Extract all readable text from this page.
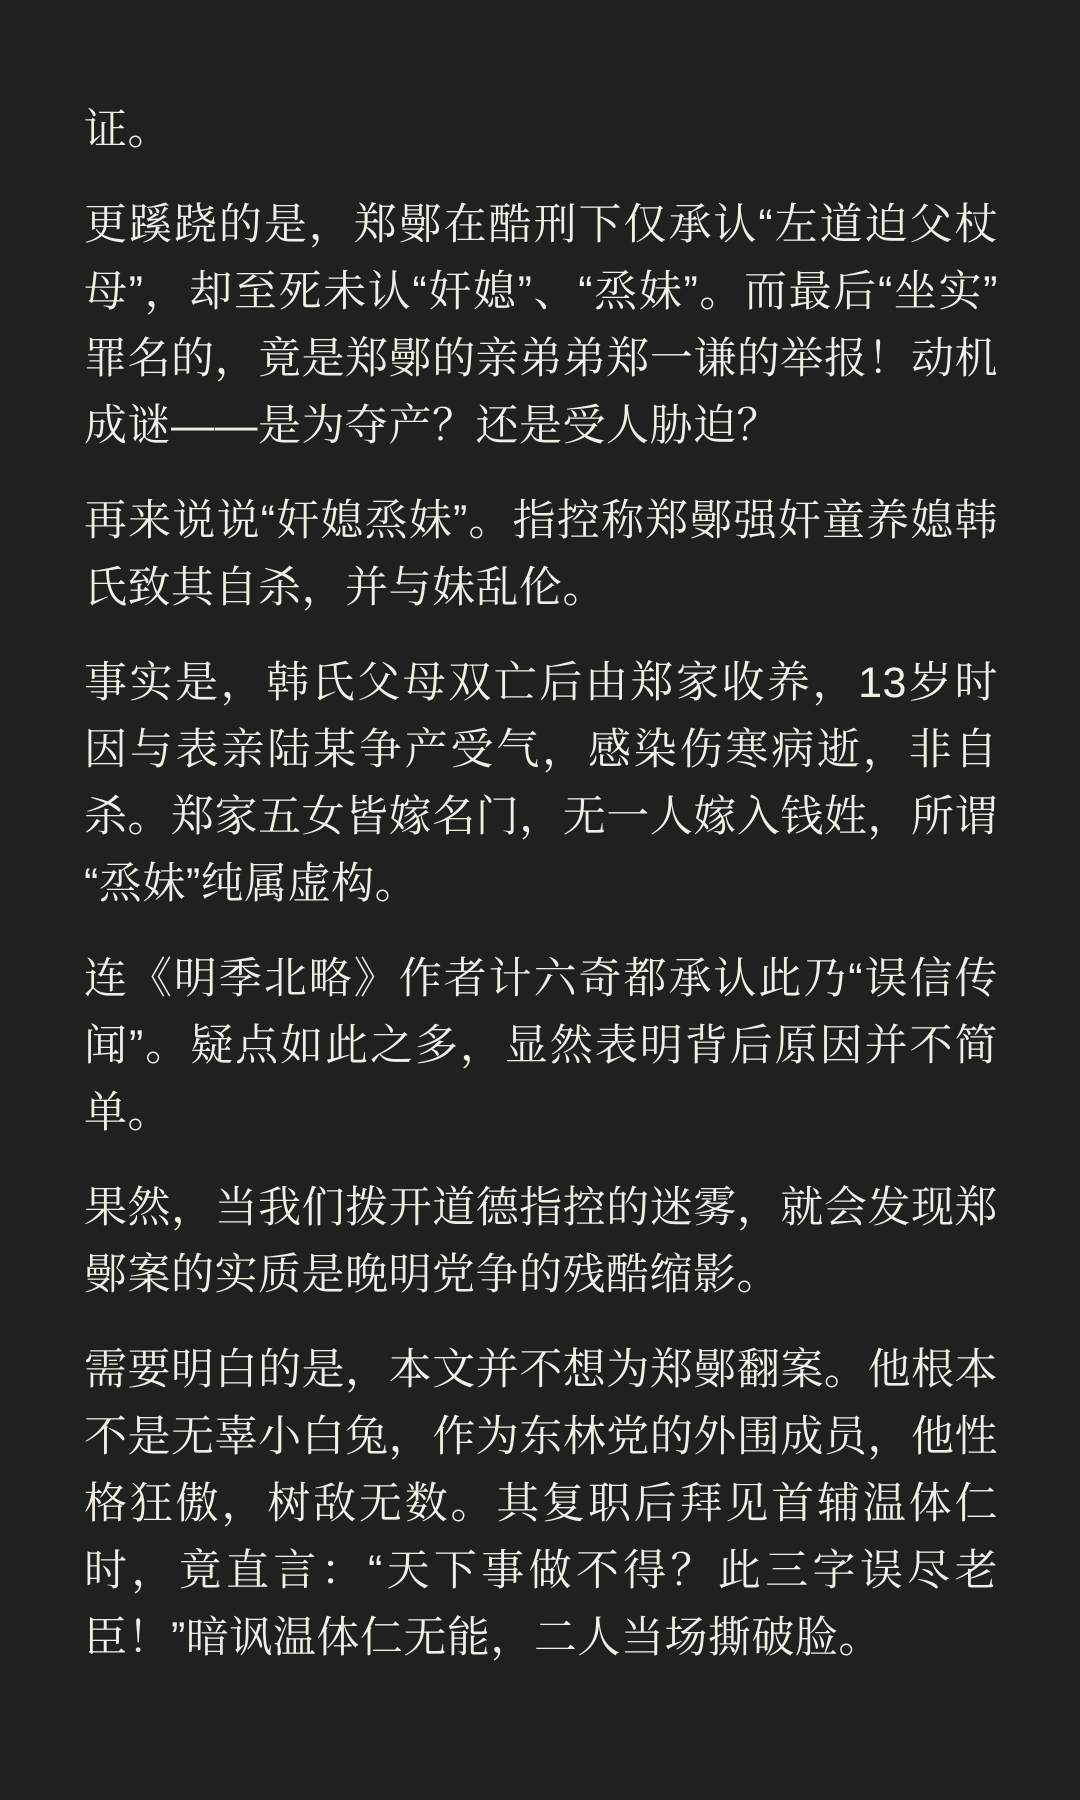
证。

更蹊跷的是，郑鄤在酷刑下仅承认“左道迫父杖母”，却至死未认“奸媳”、“烝妹”。而最后“坐实”罪名的，竟是郑鄤的亲弟弟郑一谦的举报！动机成谜——是为夺产？还是受人胁迫？

再来说说“奸媳烝妹”。指控称郑鄤强奸童养媳韩氏致其自杀，并与妹乱伦。

事实是，韩氏父母双亡后由郑家收养，13岁时因与表亲陆某争产受气，感染伤寒病逝，非自杀。郑家五女皆嫁名门，无一人嫁入钱姓，所谓“烝妹”纯属虚构。

连《明季北略》作者计六奇都承认此乃“误信传闻”。疑点如此之多，显然表明背后原因并不简单。

果然，当我们拨开道德指控的迷雾，就会发现郑鄤案的实质是晚明党争的残酷缩影。

需要明白的是，本文并不想为郑鄤翻案。他根本不是无辜小白兔，作为东林党的外围成员，他性格狂傲，树敌无数。其复职后拜见首辅温体仁时，竟直言：“天下事做不得？此三字误尽老臣！”暗讽温体仁无能，二人当场撕破脸。
